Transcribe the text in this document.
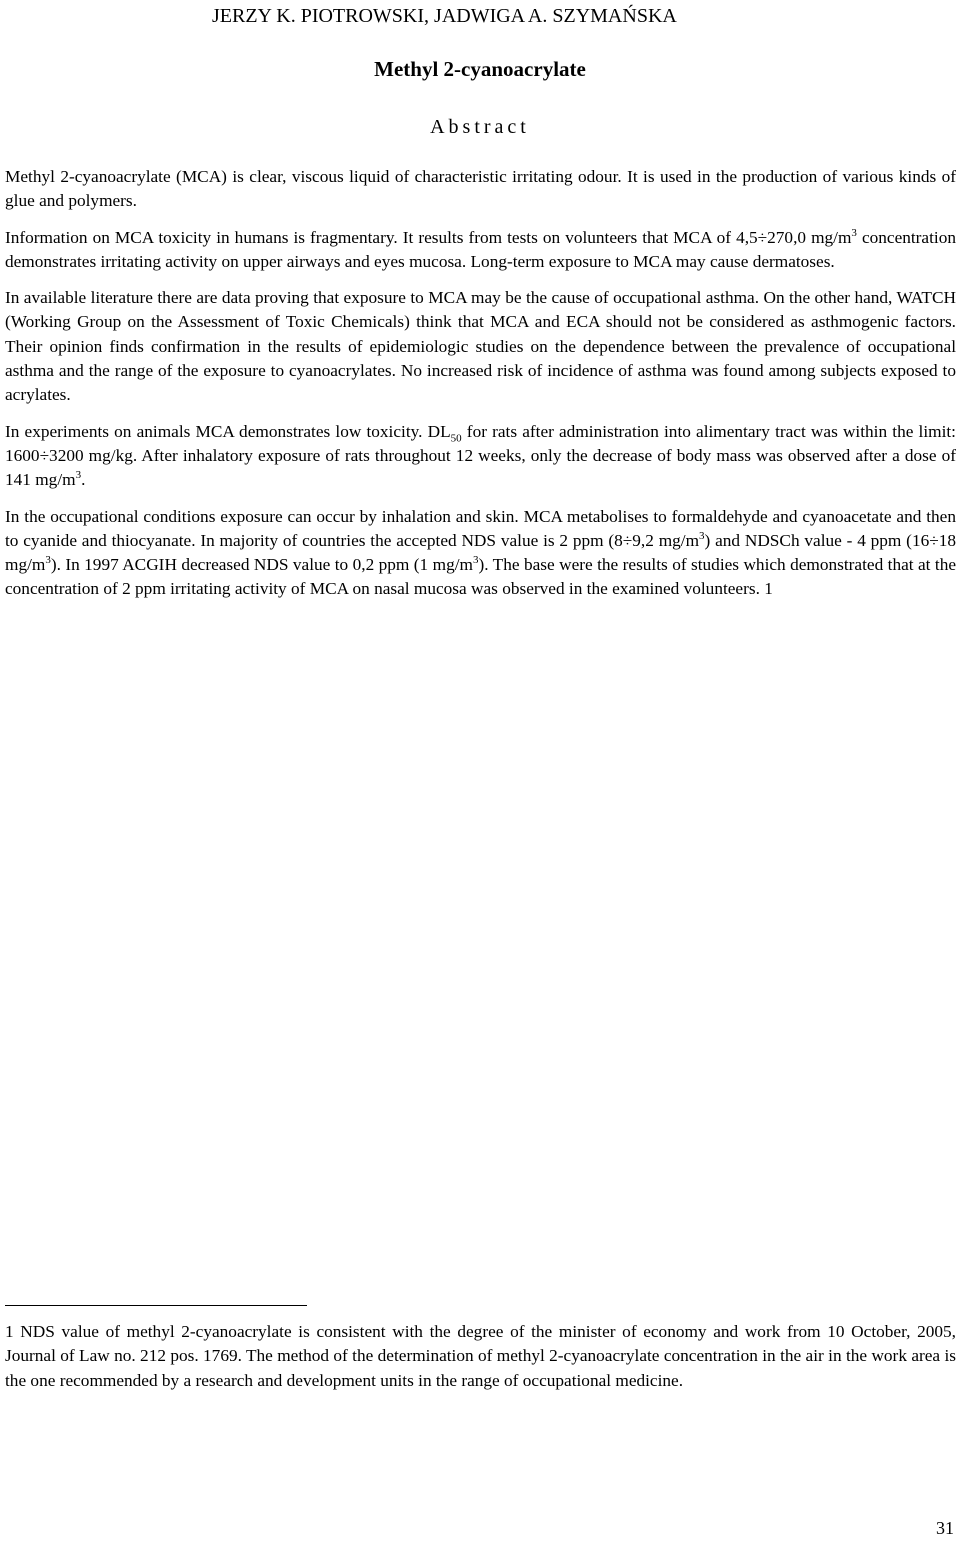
JERZY K. PIOTROWSKI, JADWIGA A. SZYMAŃSKA
Methyl 2-cyanoacrylate
Abstract

Methyl 2-cyanoacrylate (MCA) is clear, viscous liquid of characteristic irritating odour. It is used in the production of various kinds of glue and polymers.

Information on MCA toxicity in humans is fragmentary. It results from tests on volunteers that MCA of 4,5÷270,0 $mg/m^3$ concentration demonstrates irritating activity on upper airways and eyes mucosa. Long-term exposure to MCA may cause dermatoses.

In available literature there are data proving that exposure to MCA may be the cause of occupational asthma. On the other hand, WATCH (Working Group on the Assessment of Toxic Chemicals) think that MCA and ECA should not be considered as asthmogenic factors. Their opinion finds confirmation in the results of epidemiologic studies on the dependence between the prevalence of occupational asthma and the range of the exposure to cyanoacrylates. No increased risk of incidence of asthma was found among subjects exposed to acrylates.

In experiments on animals MCA demonstrates low toxicity. $DL_{50}$ for rats after administration into alimentary tract was within the limit: 1600÷3200 mg/kg. After inhalatory exposure of rats throughout 12 weeks, only the decrease of body mass was observed after a dose of 141 $mg/m^3$.

In the occupational conditions exposure can occur by inhalation and skin. MCA metabolises to formaldehyde and cyanoacetate and then to cyanide and thiocyanate. In majority of countries the accepted NDS value is 2 ppm (8÷9,2 $mg/m^3$) and NDSCh value - 4 ppm (16÷18 $mg/m^3$). In 1997 ACGIH decreased NDS value to 0,2 ppm (1 $mg/m^3$). The base were the results of studies which demonstrated that at the concentration of 2 ppm irritating activity of MCA on nasal mucosa was observed in the examined volunteers. 1

1 NDS value of methyl 2-cyanoacrylate is consistent with the degree of the minister of economy and work from 10 October, 2005, Journal of Law no. 212 pos. 1769. The method of the determination of methyl 2-cyanoacrylate concentration in the air in the work area is the one recommended by a research and development units in the range of occupational medicine.

31
